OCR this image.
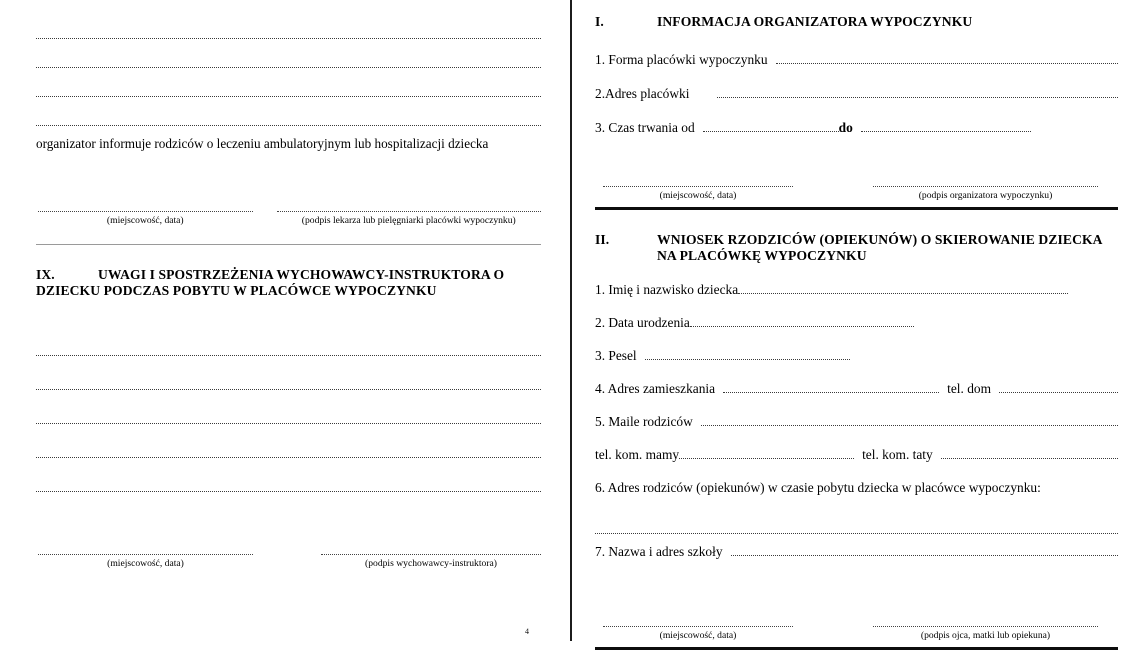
organizator informuje rodziców o leczeniu ambulatoryjnym lub hospitalizacji dziecka
(miejscowość, data)	(podpis lekarza lub pielęgniarki placówki wypoczynku)
IX.	UWAGI I SPOSTRZEŻENIA WYCHOWAWCY-INSTRUKTORA O
DZIECKU PODCZAS POBYTU W PLACÓWCE WYPOCZYNKU
(miejscowość, data)	(podpis wychowawcy-instruktora)
I.	INFORMACJA ORGANIZATORA WYPOCZYNKU
1. Forma placówki wypoczynku
2.Adres placówki
3. Czas trwania od	do
(miejscowość, data)	(podpis organizatora wypoczynku)
II.	WNIOSEK RZODZICÓW (OPIEKUNÓW) O SKIEROWANIE DZIECKA
NA PLACÓWKĘ WYPOCZYNKU
1. Imię i nazwisko dziecka
2. Data urodzenia
3. Pesel
4. Adres zamieszkania	tel. dom
5. Maile rodziców
tel. kom. mamy	tel. kom. taty
6. Adres rodziców (opiekunów) w czasie pobytu dziecka w placówce wypoczynku:
7. Nazwa i adres szkoły
(miejscowość, data)	(podpis ojca, matki lub opiekuna)
4
